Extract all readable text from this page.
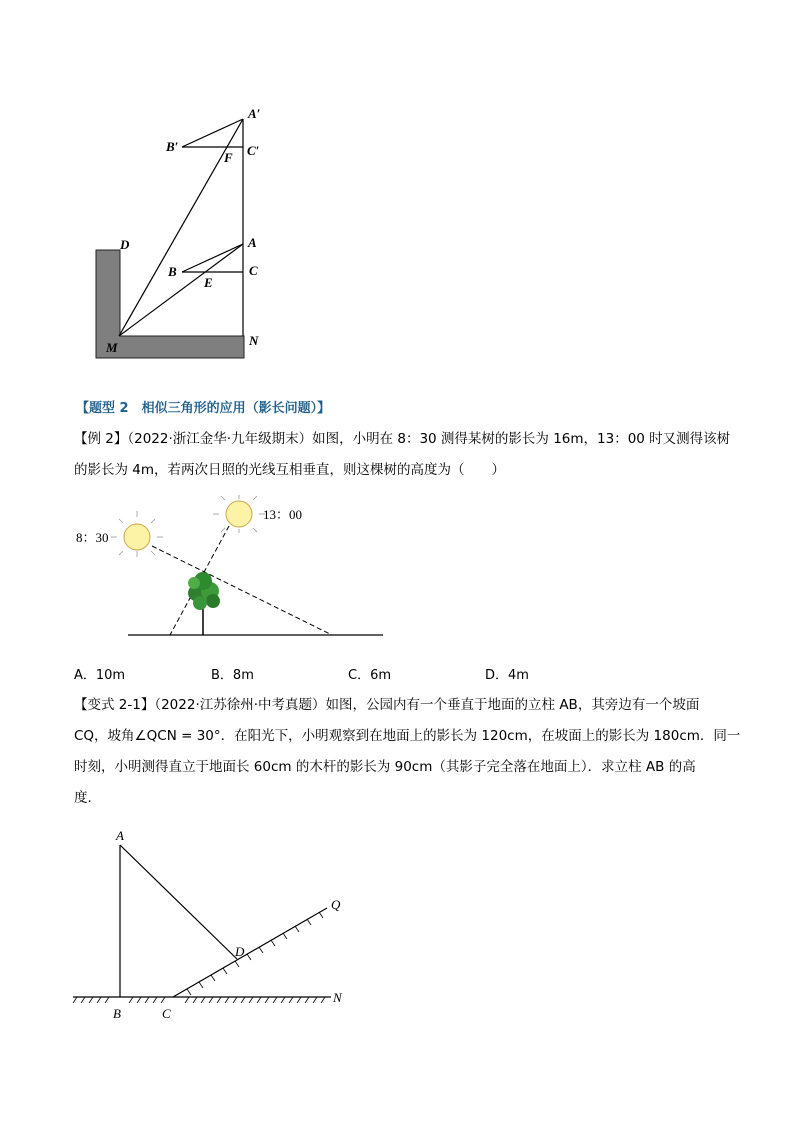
A′
B′	C′
F
D	A
B	C
E
M	N
【题型 2　相似三角形的应用（影长问题）】
【例 2】（2022·浙江金华·九年级期末）如图，小明在 8：30 测得某树的影长为 16m，13：00 时又测得该树
的影长为 4m，若两次日照的光线互相垂直，则这棵树的高度为（　　）
8：30
13：00
A．10m	B．8m	C．6m	D．4m
【变式 2-1】（2022·江苏徐州·中考真题）如图，公园内有一个垂直于地面的立柱 AB，其旁边有一个坡面
CQ，坡角∠QCN = 30°．在阳光下，小明观察到在地面上的影长为 120cm，在坡面上的影长为 180cm．同一
时刻，小明测得直立于地面长 60cm 的木杆的影长为 90cm（其影子完全落在地面上）．求立柱 AB 的高
度．
A
B	C
D
Q
N
